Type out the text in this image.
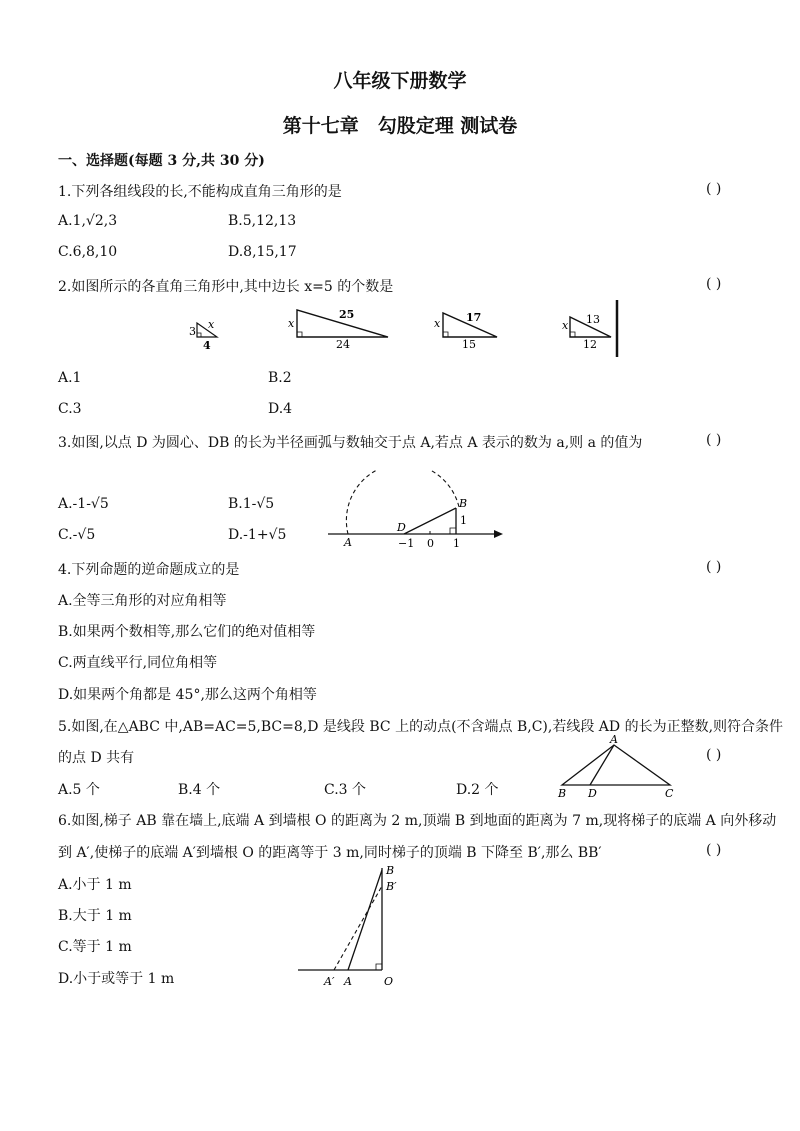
八年级下册数学
第十七章　勾股定理 测试卷
一、选择题(每题 3 分,共 30 分)
1.下列各组线段的长,不能构成直角三角形的是	( )
A.1,√2,3	B.5,12,13
C.6,8,10	D.8,15,17
2.如图所示的各直角三角形中,其中边长 x=5 的个数是	( )
3
4
x	x
25
24
x 17
15
x 13
12
A.1	B.2
C.3	D.4
3.如图,以点 D 为圆心、DB 的长为半径画弧与数轴交于点 A,若点 A 表示的数为 a,则 a 的值为	( )
A.-1-√5	B.1-√5
C.-√5	D.-1+√5	A
D
B
1
−1 0 1
4.下列命题的逆命题成立的是	( )
A.全等三角形的对应角相等
B.如果两个数相等,那么它们的绝对值相等
C.两直线平行,同位角相等
D.如果两个角都是 45°,那么这两个角相等
5.如图,在△ABC 中,AB=AC=5,BC=8,D 是线段 BC 上的动点(不含端点 B,C),若线段 AD 的长为正整数,则符合条件
的点 D 共有	( )
A.5 个	B.4 个	C.3 个	D.2 个
A
B D	C
6.如图,梯子 AB 靠在墙上,底端 A 到墙根 O 的距离为 2 m,顶端 B 到地面的距离为 7 m,现将梯子的底端 A 向外移动
到 A′,使梯子的底端 A′到墙根 O 的距离等于 3 m,同时梯子的顶端 B 下降至 B′,那么 BB′	( )
A.小于 1 m
B.大于 1 m
C.等于 1 m
D.小于或等于 1 m
B
B′
A′ A	O
